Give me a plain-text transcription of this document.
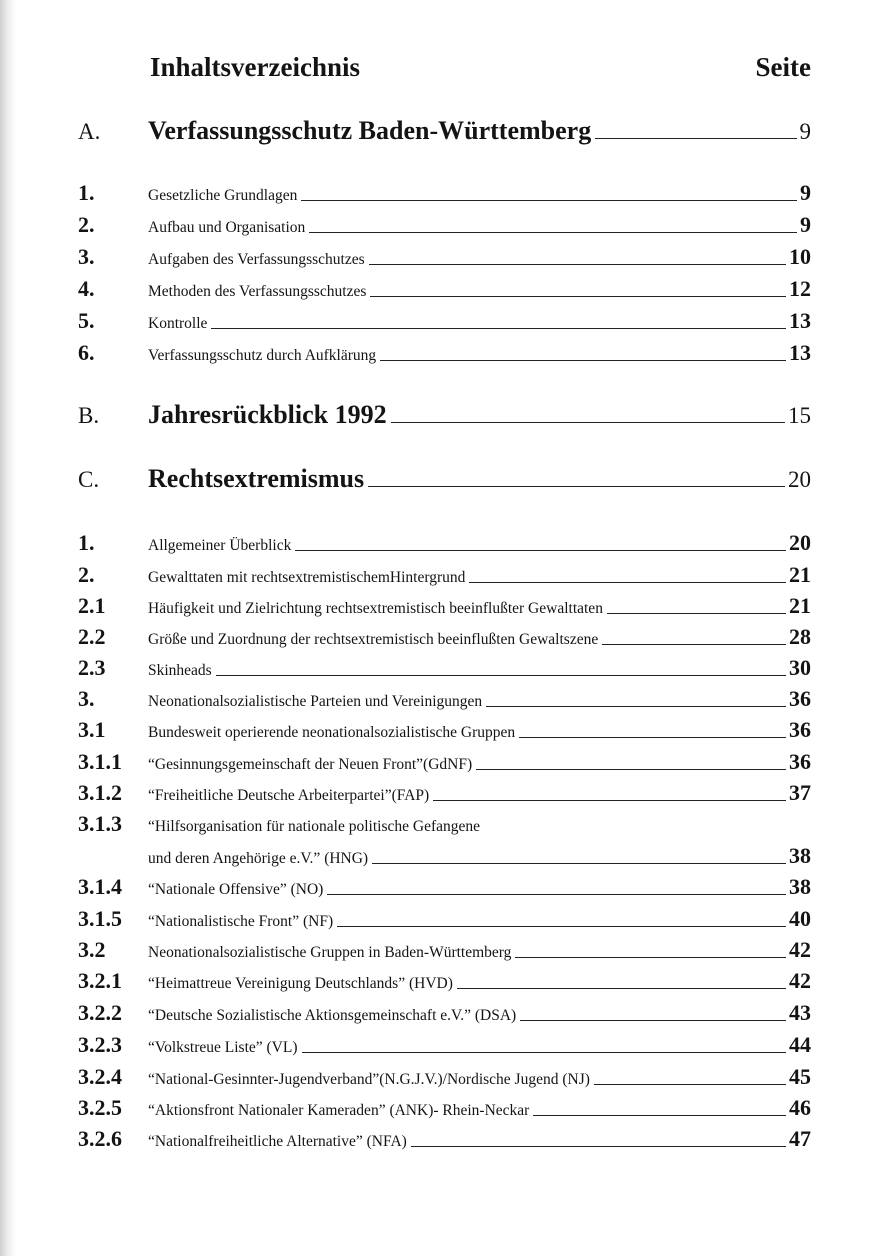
Inhaltsverzeichnis	Seite
A.	Verfassungsschutz Baden-Württemberg	9
1.	Gesetzliche Grundlagen	9
2.	Aufbau und Organisation	9
3.	Aufgaben des Verfassungsschutzes	10
4.	Methoden des Verfassungsschutzes	12
5.	Kontrolle	13
6.	Verfassungsschutz durch Aufklärung	13
B.	Jahresrückblick 1992	15
C.	Rechtsextremismus	20
1.	Allgemeiner Überblick	20
2.	Gewalttaten mit rechtsextremistischemHintergrund	21
2.1	Häufigkeit und Zielrichtung rechtsextremistisch beeinflußter Gewalttaten	21
2.2	Größe und Zuordnung der rechtsextremistisch beeinflußten Gewaltszene	28
2.3	Skinheads	30
3.	Neonationalsozialistische Parteien und Vereinigungen	36
3.1	Bundesweit operierende neonationalsozialistische Gruppen	36
3.1.1	“Gesinnungsgemeinschaft der Neuen Front”(GdNF)	36
3.1.2	“Freiheitliche Deutsche Arbeiterpartei”(FAP)	37
3.1.3	“Hilfsorganisation für nationale politische Gefangene
und deren Angehörige e.V.” (HNG)	38
3.1.4	“Nationale Offensive” (NO)	38
3.1.5	“Nationalistische Front” (NF)	40
3.2	Neonationalsozialistische Gruppen in Baden-Württemberg	42
3.2.1	“Heimattreue Vereinigung Deutschlands” (HVD)	42
3.2.2	“Deutsche Sozialistische Aktionsgemeinschaft e.V.” (DSA)	43
3.2.3	“Volkstreue Liste” (VL)	44
3.2.4	“National-Gesinnter-Jugendverband”(N.G.J.V.)/Nordische Jugend (NJ)	45
3.2.5	“Aktionsfront Nationaler Kameraden” (ANK)- Rhein-Neckar	46
3.2.6	“Nationalfreiheitliche Alternative” (NFA)	47
